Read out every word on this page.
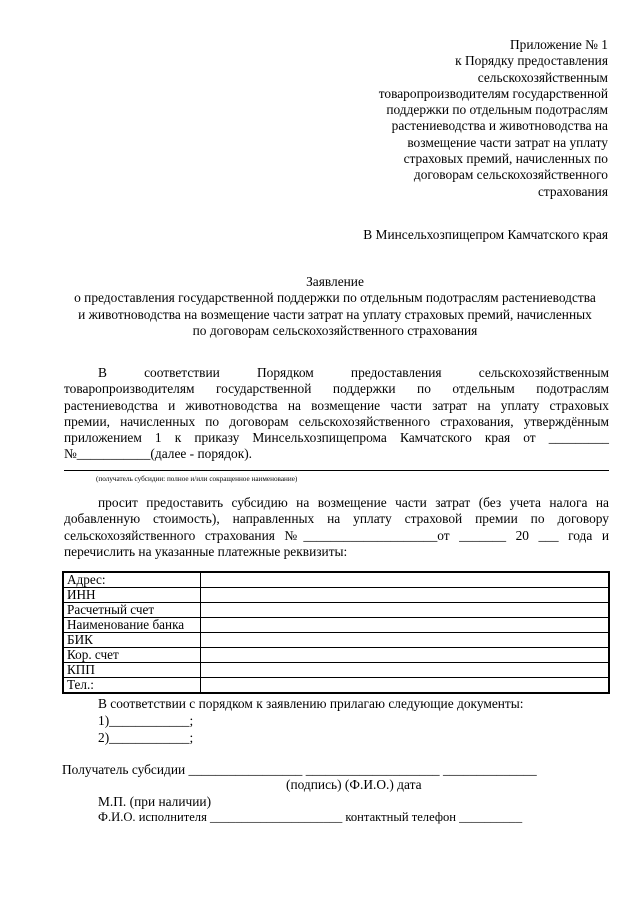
Приложение № 1
к Порядку предоставления
сельскохозяйственным
товаропроизводителям государственной
поддержки по отдельным подотраслям
растениеводства и животноводства на
возмещение части затрат на уплату
страховых премий, начисленных по
договорам сельскохозяйственного
страхования
В Минсельхозпищепром Камчатского края
Заявление
о предоставления государственной поддержки по отдельным подотраслям растениеводства
и животноводства на возмещение части затрат на уплату страховых премий, начисленных
по договорам сельскохозяйственного страхования
В соответствии Порядком предоставления сельскохозяйственным
товаропроизводителям государственной поддержки по отдельным подотраслям
растениеводства и животноводства на возмещение части затрат на уплату страховых
премии, начисленных по договорам сельскохозяйственного страхования, утверждённым
приложением 1 к приказу Минсельхозпищепрома Камчатского края от _________
№___________(далее - порядок).
(получатель субсидии: полное и/или сокращенное наименование)
просит предоставить субсидию на возмещение части затрат (без учета налога на
добавленную стоимость), направленных на уплату страховой премии по договору
сельскохозяйственного страхования №____________________от _______ 20 ___ года и
перечислить на указанные платежные реквизиты:
Адрес:	
ИНН	
Расчетный счет	
Наименование банка	
БИК	
Кор. счет	
КПП	
Тел.:	
В соответствии с порядком к заявлению прилагаю следующие документы:
1)____________;
2)____________;
Получатель субсидии _________________ ____________________ ______________
(подпись) (Ф.И.О.) дата
М.П. (при наличии)
Ф.И.О. исполнителя _____________________ контактный телефон __________
